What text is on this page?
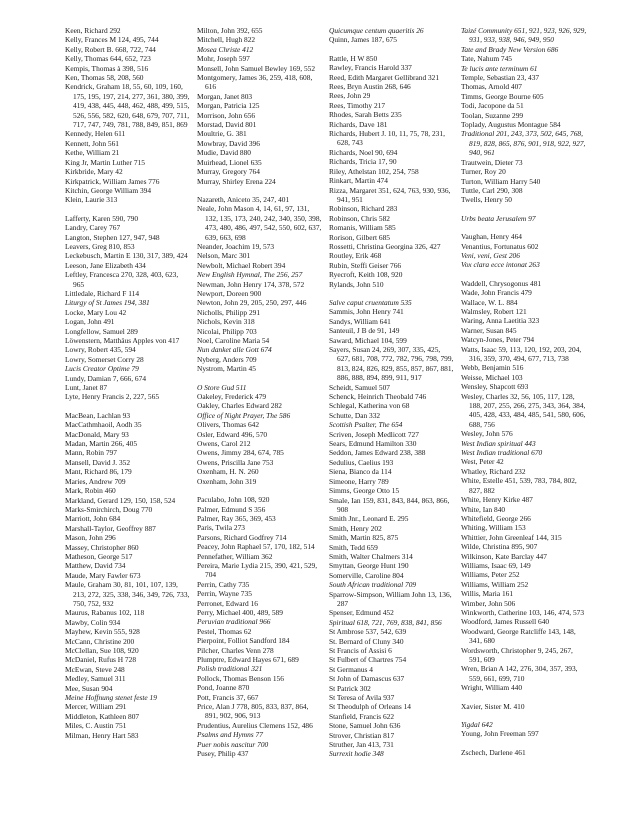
Keen, Richard 292
Kelly, Frances M 124, 495, 744
Kelly, Robert B. 668, 722, 744
Kelly, Thomas 644, 652, 723
Kempis, Thomas à 398, 516
Ken, Thomas 58, 208, 560
Kendrick, Graham 18, 55, 60, 109, 160, 175, 195, 197, 214, 277, 361, 380, 399, 419, 438, 445, 448, 462, 488, 499, 515, 526, 556, 582, 620, 648, 679, 707, 711, 717, 747, 749, 781, 788, 849, 851, 869
Kennedy, Helen 611
Kennett, John 561
Kethe, William 21
King Jr, Martin Luther 715
Kirkbride, Mary 42
Kirkpatrick, William James 776
Kitchin, George William 394
Klein, Laurie 313
Lafferty, Karen 590, 790
Landry, Carey 767
Langton, Stephen 127, 947, 948
Leavers, Greg 810, 853
Leckebusch, Martin E 130, 317, 389, 424
Leeson, Jane Elizabeth 434
Leftley, Francesca 270, 328, 403, 623, 965
Littledale, Richard F 114
Liturgy of St James 194, 381
Locke, Mary Lou 42
Logan, John 491
Longfellow, Samuel 289
Löwenstern, Matthäus Apples von 417
Lowry, Robert 435, 594
Lowry, Somerset Corry 28
Lucis Creator Optime 79
Lundy, Damian 7, 666, 674
Lunt, Janet 87
Lyte, Henry Francis 2, 227, 565
MacBean, Lachlan 93
MacCathmhaoil, Aodh 35
MacDonald, Mary 93
Madan, Martin 266, 405
Mann, Robin 797
Mansell, David J. 352
Mant, Richard 86, 179
Maries, Andrew 709
Mark, Robin 460
Markland, Gerard 129, 150, 158, 524
Marks-Smirchirch, Doug 770
Marriott, John 684
Marshall-Taylor, Geoffrey 887
Mason, John 296
Massey, Christopher 860
Matheson, George 517
Matthew, David 734
Maude, Mary Fawler 673
Maule, Graham 30, 81, 101, 107, 139, 213, 272, 325, 338, 346, 349, 726, 733, 750, 752, 932
Maurus, Rabanus 102, 118
Mawby, Colin 934
Mayhew, Kevin 555, 928
McCann, Christine 200
McClellan, Sue 108, 920
McDaniel, Rufus H 728
McEwan, Steve 248
Medley, Samuel 311
Mee, Susan 904
Meine Hoffnung stenet feste 19
Mercer, William 291
Middleton, Kathleen 807
Miles, C. Austin 751
Milman, Henry Hart 583
Milton, John 392, 655
Mitchell, Hugh 822
Mosea Christe 412
Mohr, Joseph 597
Monsell, John Samuel Bewley 169, 552
Montgomery, James 36, 259, 418, 608, 616
Morgan, Janet 803
Morgan, Patricia 125
Morrison, John 656
Morstad, David 801
Moultrie, G. 381
Mowbray, David 396
Mudie, David 880
Muirhead, Lionel 635
Murray, Gregory 764
Murray, Shirley Erena 224
Nazareth, Aniceto 35, 247, 401
Neale, John Mason 4, 14, 61, 97, 131, 132, 135, 173, 240, 242, 340, 350, 398, 473, 480, 486, 497, 542, 550, 602, 637, 639, 663, 698
Neander, Joachim 19, 573
Nelson, Marc 301
Newbolt, Michael Robert 394
New English Hymnal, The 256, 257
Newman, John Henry 174, 378, 572
Newport, Doreen 900
Newton, John 29, 205, 250, 297, 446
Nicholls, Philipp 291
Nichols, Kevin 318
Nicolai, Philipp 703
Noel, Caroline Maria 54
Nun danket alle Gott 674
Nyberg, Anders 709
Nystrom, Martin 45
O Store Gud 511
Oakeley, Frederick 479
Oakley, Charles Edward 282
Office of Night Prayer, The 586
Olivers, Thomas 642
Osler, Edward 496, 570
Owens, Carol 212
Owens, Jimmy 284, 674, 785
Owens, Priscilla Jane 753
Oxenham, H. N. 260
Oxenham, John 319
Paculabo, John 108, 920
Palmer, Edmund S 356
Palmer, Ray 365, 369, 453
Paris, Twila 273
Parsons, Richard Godfrey 714
Peacey, John Raphael 57, 170, 182, 514
Pennefather, William 362
Pereira, Marie Lydia 215, 390, 421, 529, 704
Perrin, Cathy 735
Perrin, Wayne 735
Perronet, Edward 16
Perry, Michael 400, 489, 589
Peruvian traditional 966
Pestel, Thomas 62
Pierpoint, Folliot Sandford 184
Pilcher, Charles Venn 278
Plumptre, Edward Hayes 671, 689
Polish traditional 321
Pollock, Thomas Benson 156
Pond, Joanne 870
Pott, Francis 37, 667
Price, Alan J 778, 805, 833, 837, 864, 891, 902, 906, 913
Prudentius, Aurelius Clemens 152, 486
Psalms and Hymns 77
Puer nobis nascitur 700
Pusey, Philip 437
Quicumque centum quaeritis 26
Quinn, James 187, 675
Rattle, H W 850
Rawley, Francis Harold 337
Reed, Edith Margaret Gellibrand 321
Rees, Bryn Austin 268, 646
Rees, John 29
Rees, Timothy 217
Rhodes, Sarah Betts 235
Richards, Dave 181
Richards, Hubert J. 10, 11, 75, 78, 231, 628, 743
Richards, Noel 90, 694
Richards, Tricia 17, 90
Riley, Athelstan 102, 254, 758
Rinkart, Martin 474
Rizza, Margaret 351, 624, 763, 930, 936, 941, 951
Robinson, Richard 283
Robinson, Chris 582
Romanis, William 585
Rorison, Gilbert 685
Rossetti, Christina Georgina 326, 427
Routley, Erik 468
Rubin, Steffi Geiser 766
Ryecroft, Keith 108, 920
Rylands, John 510
Salve caput cruentatum 535
Sammis, John Henry 741
Sandys, William 641
Santeuil, J B de 91, 149
Saward, Michael 104, 599
Sayers, Susan 24, 269, 307, 335, 425, 627, 681, 708, 772, 782, 796, 798, 799, 813, 824, 826, 829, 855, 857, 867, 881, 886, 888, 894, 899, 911, 917
Scheidt, Samuel 507
Schenck, Heinrich Theobald 746
Schlegal, Katherina von 68
Schutte, Dan 332
Scottish Psalter, The 654
Scriven, Joseph Medlicott 727
Sears, Edmund Hamilton 330
Seddon, James Edward 238, 388
Sedulius, Caelius 193
Siena, Bianco da 114
Simeone, Harry 789
Simms, George Otto 15
Smale, Ian 159, 831, 843, 844, 863, 866, 908
Smith Jnr., Leonard E. 295
Smith, Henry 202
Smith, Martin 825, 875
Smith, Tedd 659
Smith, Walter Chalmers 314
Smyttan, George Hunt 190
Somerville, Caroline 804
South African traditional 709
Sparrow-Simpson, William John 13, 136, 287
Spenser, Edmund 452
Spiritual 618, 721, 769, 838, 841, 856
St Ambrose 537, 542, 639
St. Bernard of Cluny 340
St Francis of Assisi 6
St Fulbert of Chartres 754
St Germanus 4
St John of Damascus 637
St Patrick 302
St Teresa of Avila 937
St Theodulph of Orleans 14
Stanfield, Francis 622
Stone, Samuel John 636
Strover, Christian 817
Struther, Jan 413, 731
Surrexit hodie 348
Taizé Community 651, 921, 923, 926, 929, 931, 933, 938, 946, 949, 950
Tate and Brady New Version 686
Tate, Nahum 745
Te lucis ante terminum 61
Temple, Sebastian 23, 437
Thomas, Arnold 407
Timms, George Bourne 605
Todi, Jacopone da 51
Toolan, Suzanne 299
Toplady, Augustus Montague 584
Traditional 201, 243, 373, 502, 645, 768, 819, 828, 865, 876, 901, 918, 922, 927, 940, 961
Trautwein, Dieter 73
Turner, Roy 20
Turton, William Harry 540
Tuttle, Carl 290, 308
Twells, Henry 50
Urbs beata Jerusalem 97
Vaughan, Henry 464
Venantius, Fortunatus 602
Veni, veni, Gest 206
Vox clara ecce intonat 263
Waddell, Chrysogonus 481
Wade, John Francis 479
Wallace, W. L. 884
Walmsley, Robert 121
Waring, Anna Laetitia 323
Warner, Susan 845
Watcyn-Jones, Peter 794
Watts, Isaac 59, 113, 120, 192, 203, 204, 316, 359, 370, 494, 677, 713, 738
Webb, Benjamin 516
Weisse, Michael 103
Wensley, Shapcott 693
Wesley, Charles 32, 56, 105, 117, 128, 188, 207, 255, 266, 275, 343, 364, 384, 405, 428, 433, 484, 485, 541, 580, 606, 688, 756
Wesley, John 576
West Indian spiritual 443
West Indian traditional 670
West, Peter 42
Whatley, Richard 232
White, Estelle 451, 539, 783, 784, 802, 827, 882
White, Henry Kirke 487
White, Ian 840
Whitefield, George 266
Whiting, William 153
Whittier, John Greenleaf 144, 315
Wilde, Christina 895, 907
Wilkinson, Kate Barclay 447
Williams, Isaac 69, 149
Williams, Peter 252
Williams, William 252
Willis, Maria 161
Wimber, John 506
Winkworth, Catherine 103, 146, 474, 573
Woodford, James Russell 640
Woodward, George Ratcliffe 143, 148, 341, 680
Wordsworth, Christopher 9, 245, 267, 591, 609
Wren, Brian A 142, 276, 304, 357, 393, 559, 661, 699, 710
Wright, William 440
Xavier, Sister M. 410
Yigdal 642
Young, John Freeman 597
Zschech, Darlene 461
